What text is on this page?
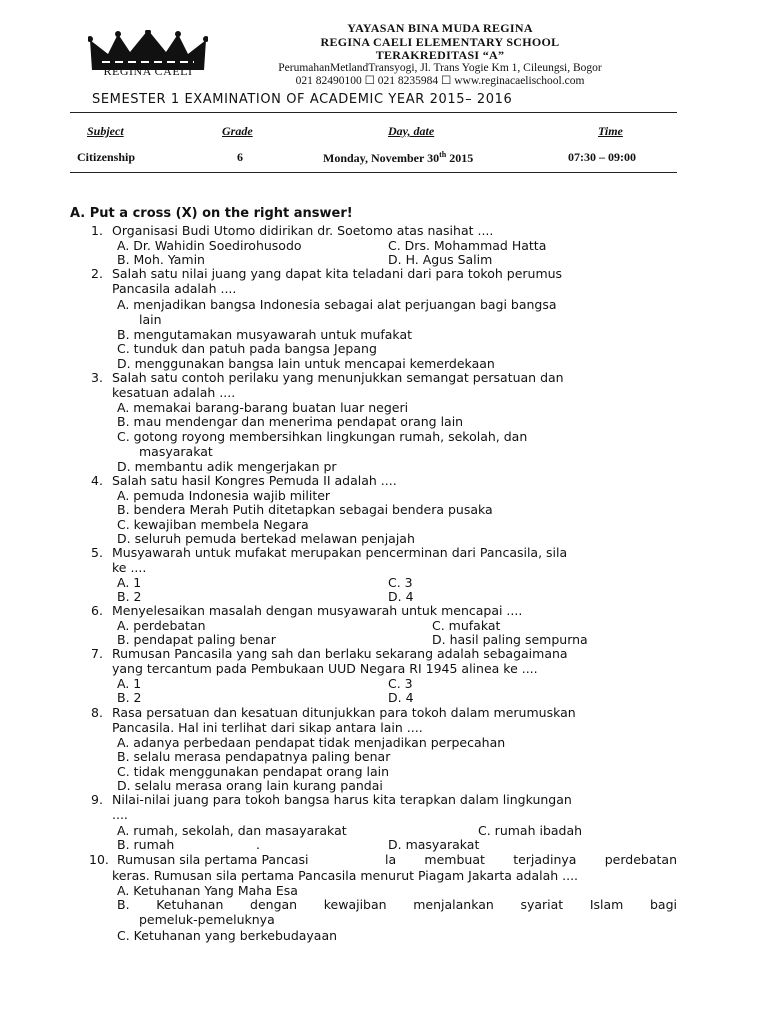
REGINA CAELI
YAYASAN BINA MUDA REGINA
REGINA CAELI ELEMENTARY SCHOOL
TERAKREDITASI “A”
PerumahanMetlandTransyogi, Jl. Trans Yogie Km 1, Cileungsi, Bogor
021 82490100 ☐ 021 8235984 ☐ www.reginacaelischool.com
SEMESTER 1 EXAMINATION OF ACADEMIC YEAR 2015– 2016
Subject	Grade	Day, date	Time
Citizenship	6	Monday, November 30th 2015	07:30 – 09:00
A. Put a cross (X) on the right answer!
1. Organisasi Budi Utomo didirikan dr. Soetomo atas nasihat ....
A. Dr. Wahidin Soedirohusodo	C. Drs. Mohammad Hatta
B. Moh. Yamin	D. H. Agus Salim
2. Salah satu nilai juang yang dapat kita teladani dari para tokoh perumus
Pancasila adalah ....
A. menjadikan bangsa Indonesia sebagai alat perjuangan bagi bangsa
lain
B. mengutamakan musyawarah untuk mufakat
C. tunduk dan patuh pada bangsa Jepang
D. menggunakan bangsa lain untuk mencapai kemerdekaan
3. Salah satu contoh perilaku yang menunjukkan semangat persatuan dan
kesatuan adalah ....
A. memakai barang-barang buatan luar negeri
B. mau mendengar dan menerima pendapat orang lain
C. gotong royong membersihkan lingkungan rumah, sekolah, dan
masyarakat
D. membantu adik mengerjakan pr
4. Salah satu hasil Kongres Pemuda II adalah ....
A. pemuda Indonesia wajib militer
B. bendera Merah Putih ditetapkan sebagai bendera pusaka
C. kewajiban membela Negara
D. seluruh pemuda bertekad melawan penjajah
5. Musyawarah untuk mufakat merupakan pencerminan dari Pancasila, sila
ke ....
A. 1	C. 3
B. 2	D. 4
6. Menyelesaikan masalah dengan musyawarah untuk mencapai ....
A. perdebatan	C. mufakat
B. pendapat paling benar	D. hasil paling sempurna
7. Rumusan Pancasila yang sah dan berlaku sekarang adalah sebagaimana
yang tercantum pada Pembukaan UUD Negara RI 1945 alinea ke ....
A. 1	C. 3
B. 2	D. 4
8. Rasa persatuan dan kesatuan ditunjukkan para tokoh dalam merumuskan
Pancasila. Hal ini terlihat dari sikap antara lain ....
A. adanya perbedaan pendapat tidak menjadikan perpecahan
B. selalu merasa pendapatnya paling benar
C. tidak menggunakan pendapat orang lain
D. selalu merasa orang lain kurang pandai
9. Nilai-nilai juang para tokoh bangsa harus kita terapkan dalam lingkungan
....
A. rumah, sekolah, dan masayarakat	C. rumah ibadah
B. rumah	.	D. masyarakat
10. Rumusan sila pertama Pancasi	la membuat terjadinya perdebatan
keras. Rumusan sila pertama Pancasila menurut Piagam Jakarta adalah ....
A. Ketuhanan Yang Maha Esa
B. Ketuhanan dengan kewajiban menjalankan syariat Islam bagi
pemeluk-pemeluknya
C. Ketuhanan yang berkebudayaan
